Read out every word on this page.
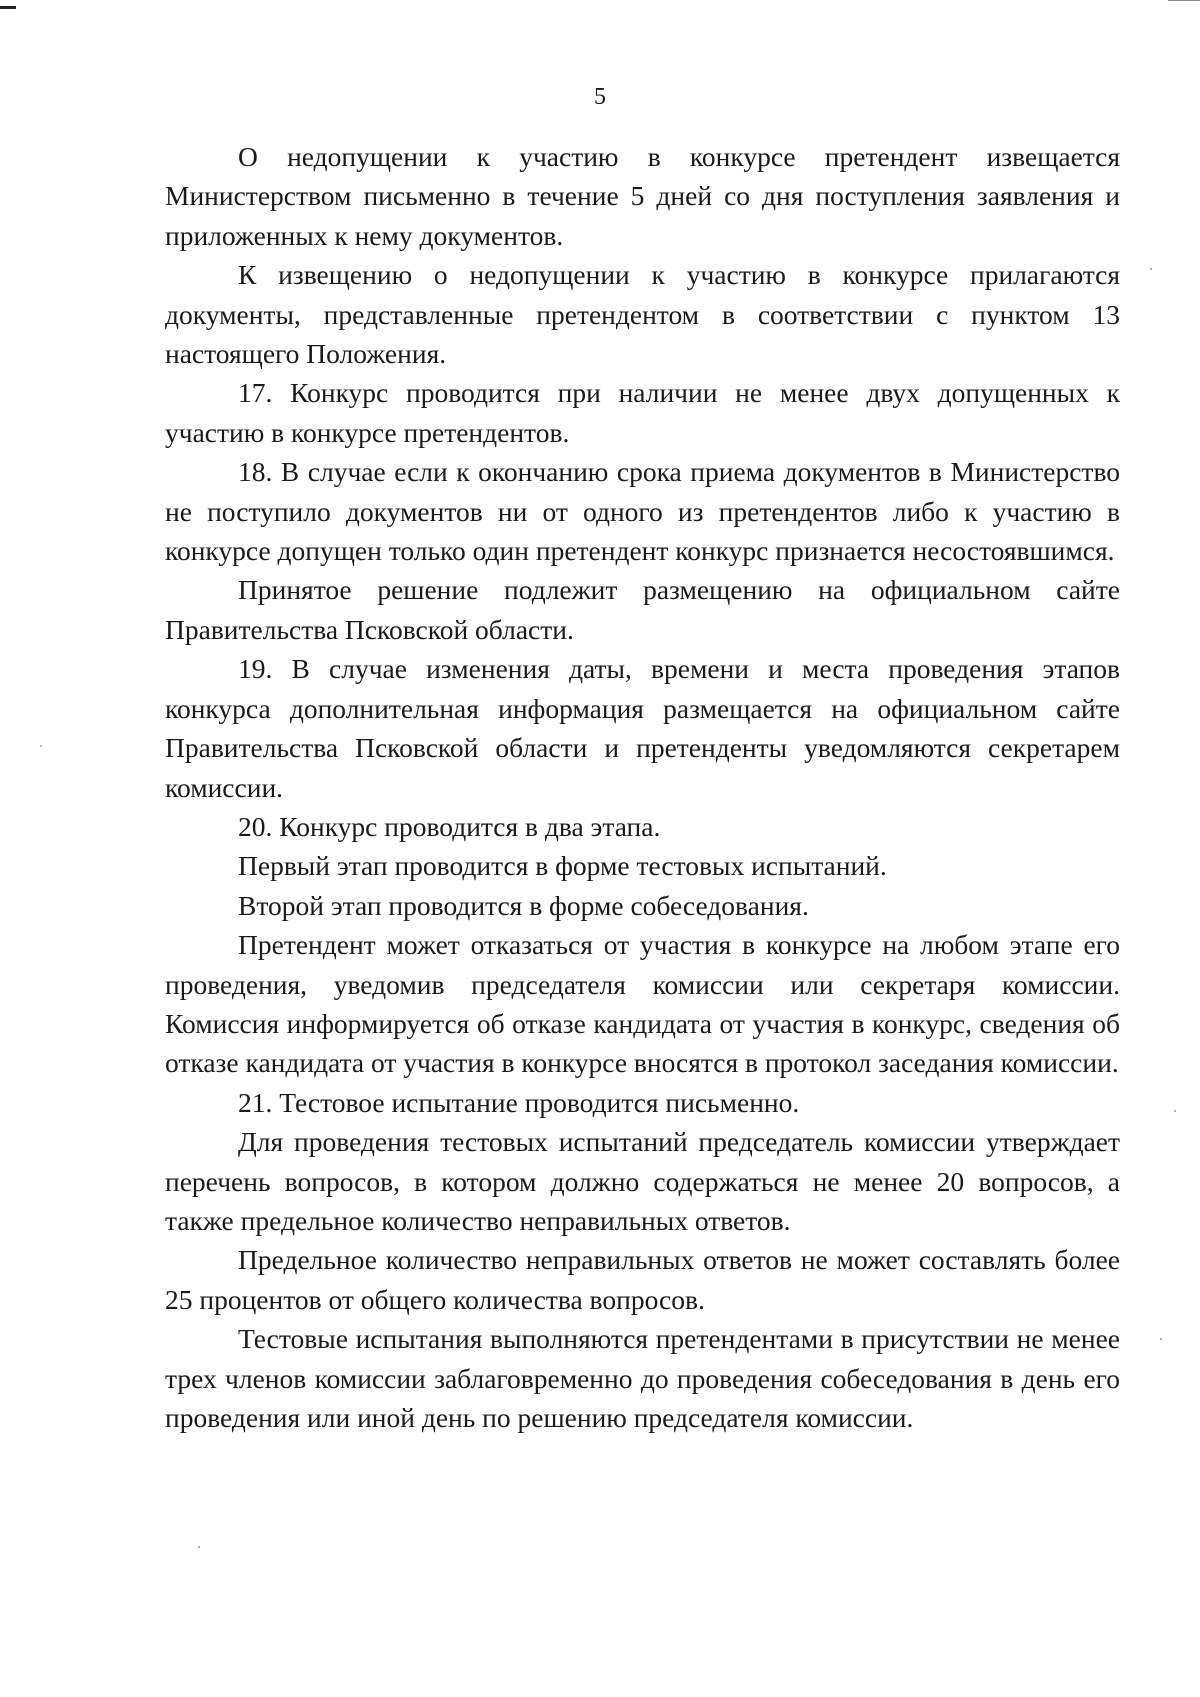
5

О недопущении к участию в конкурсе претендент извещается Министерством письменно в течение 5 дней со дня поступления заявления и приложенных к нему документов.

К извещению о недопущении к участию в конкурсе прилагаются документы, представленные претендентом в соответствии с пунктом 13 настоящего Положения.

17. Конкурс проводится при наличии не менее двух допущенных к участию в конкурсе претендентов.

18. В случае если к окончанию срока приема документов в Министерство не поступило документов ни от одного из претендентов либо к участию в конкурсе допущен только один претендент конкурс признается несостоявшимся.

Принятое решение подлежит размещению на официальном сайте Правительства Псковской области.

19. В случае изменения даты, времени и места проведения этапов конкурса дополнительная информация размещается на официальном сайте Правительства Псковской области и претенденты уведомляются секретарем комиссии.

20. Конкурс проводится в два этапа.

Первый этап проводится в форме тестовых испытаний.

Второй этап проводится в форме собеседования.

Претендент может отказаться от участия в конкурсе на любом этапе его проведения, уведомив председателя комиссии или секретаря комиссии. Комиссия информируется об отказе кандидата от участия в конкурс, сведения об отказе кандидата от участия в конкурсе вносятся в протокол заседания комиссии.

21. Тестовое испытание проводится письменно.

Для проведения тестовых испытаний председатель комиссии утверждает перечень вопросов, в котором должно содержаться не менее 20 вопросов, а также предельное количество неправильных ответов.

Предельное количество неправильных ответов не может составлять более 25 процентов от общего количества вопросов.

Тестовые испытания выполняются претендентами в присутствии не менее трех членов комиссии заблаговременно до проведения собеседования в день его проведения или иной день по решению председателя комиссии.
